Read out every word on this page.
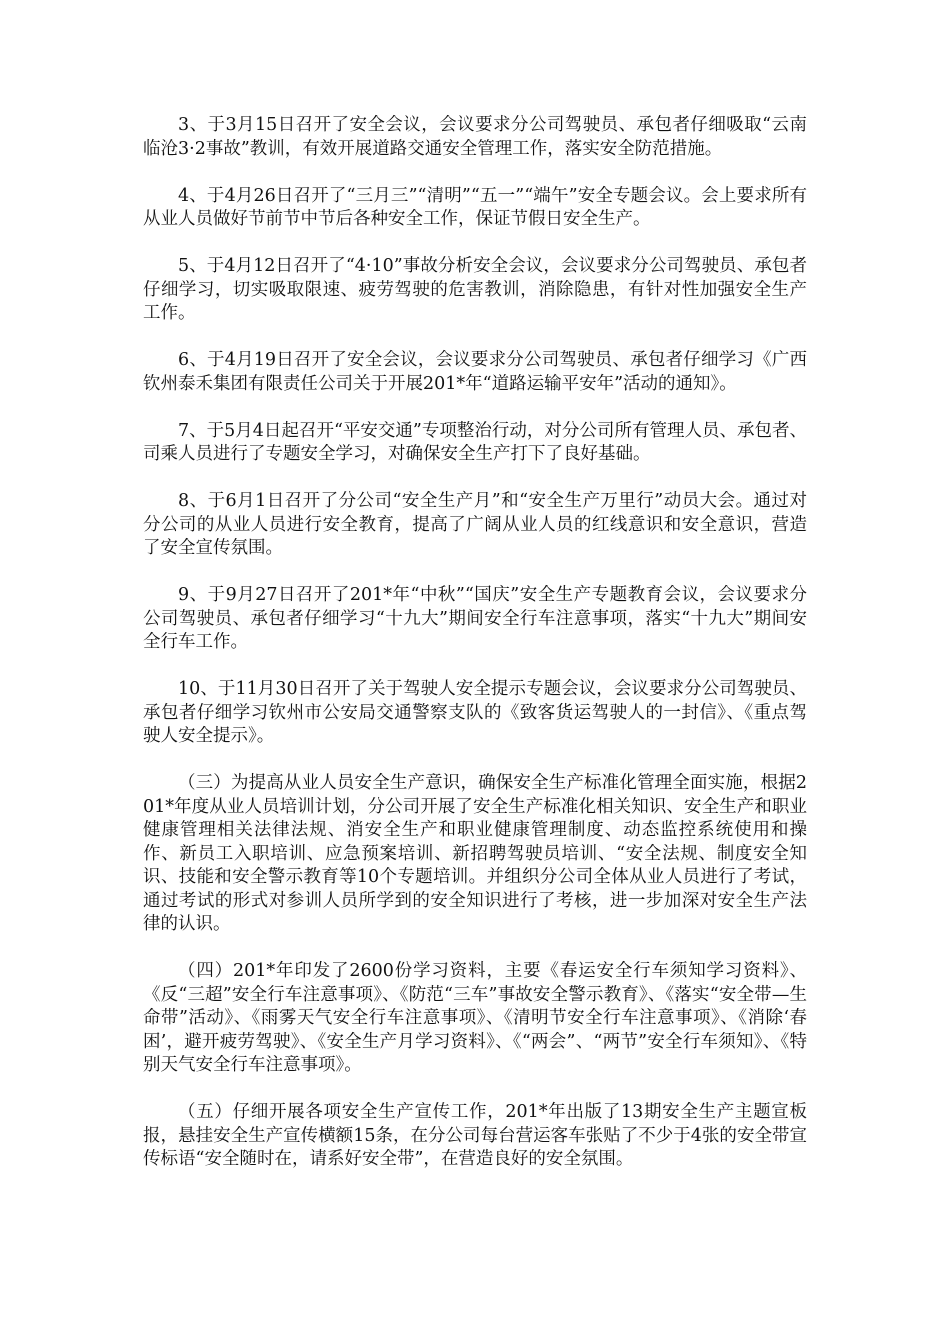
3、于3月15日召开了安全会议，会议要求分公司驾驶员、承包者仔细吸取“云南临沧3·2事故”教训，有效开展道路交通安全管理工作，落实安全防范措施。

4、于4月26日召开了“三月三”“清明”“五一”“端午”安全专题会议。会上要求所有从业人员做好节前节中节后各种安全工作，保证节假日安全生产。

5、于4月12日召开了“4·10”事故分析安全会议，会议要求分公司驾驶员、承包者仔细学习，切实吸取限速、疲劳驾驶的危害教训，消除隐患，有针对性加强安全生产工作。

6、于4月19日召开了安全会议，会议要求分公司驾驶员、承包者仔细学习《广西钦州泰禾集团有限责任公司关于开展201*年“道路运输平安年”活动的通知》。

7、于5月4日起召开“平安交通”专项整治行动，对分公司所有管理人员、承包者、司乘人员进行了专题安全学习，对确保安全生产打下了良好基础。

8、于6月1日召开了分公司“安全生产月”和“安全生产万里行”动员大会。通过对分公司的从业人员进行安全教育，提高了广阔从业人员的红线意识和安全意识，营造了安全宣传氛围。

9、于9月27日召开了201*年“中秋”“国庆”安全生产专题教育会议，会议要求分公司驾驶员、承包者仔细学习“十九大”期间安全行车注意事项，落实“十九大”期间安全行车工作。

10、于11月30日召开了关于驾驶人安全提示专题会议，会议要求分公司驾驶员、承包者仔细学习钦州市公安局交通警察支队的《致客货运驾驶人的一封信》、《重点驾驶人安全提示》。

（三）为提高从业人员安全生产意识，确保安全生产标准化管理全面实施，根据201*年度从业人员培训计划，分公司开展了安全生产标准化相关知识、安全生产和职业健康管理相关法律法规、消安全生产和职业健康管理制度、动态监控系统使用和操作、新员工入职培训、应急预案培训、新招聘驾驶员培训、“安全法规、制度安全知识、技能和安全警示教育等10个专题培训。并组织分公司全体从业人员进行了考试，通过考试的形式对参训人员所学到的安全知识进行了考核，进一步加深对安全生产法律的认识。

（四）201*年印发了2600份学习资料，主要《春运安全行车须知学习资料》、《反“三超”安全行车注意事项》、《防范“三车”事故安全警示教育》、《落实“安全带—生命带”活动》、《雨雾天气安全行车注意事项》、《清明节安全行车注意事项》、《消除‘春困’，避开疲劳驾驶》、《安全生产月学习资料》、《“两会”、“两节”安全行车须知》、《特别天气安全行车注意事项》。

（五）仔细开展各项安全生产宣传工作，201*年出版了13期安全生产主题宣板报，悬挂安全生产宣传横额15条，在分公司每台营运客车张贴了不少于4张的安全带宣传标语“安全随时在，请系好安全带”，在营造良好的安全氛围。
